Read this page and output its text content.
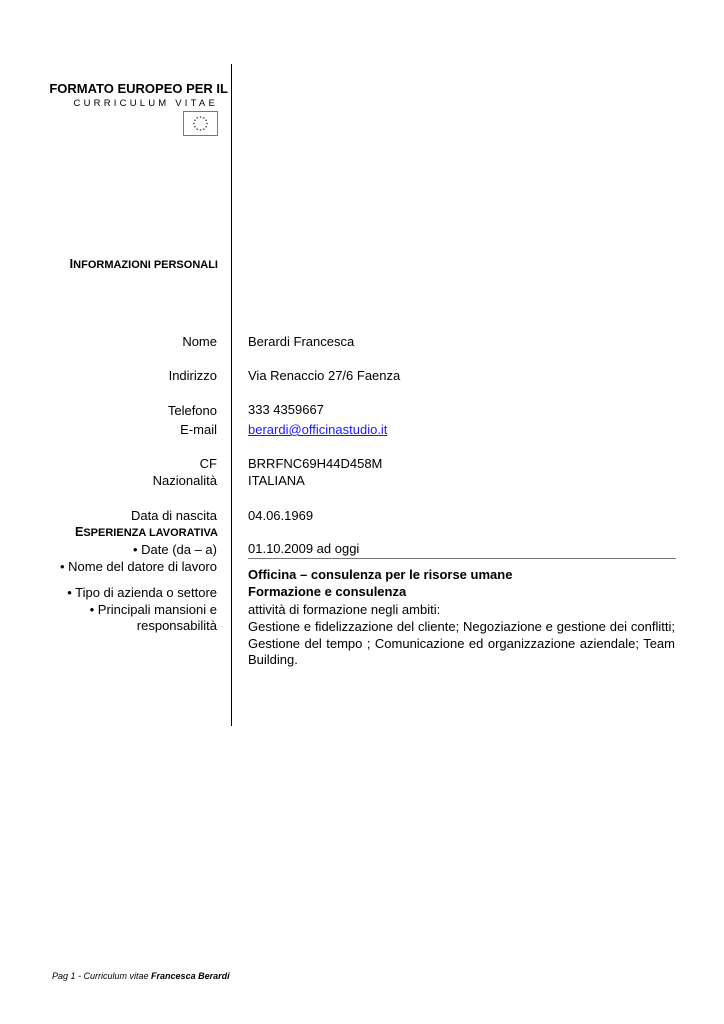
FORMATO EUROPEO PER IL
CURRICULUM VITAE
INFORMAZIONI PERSONALI
Nome Berardi Francesca
Indirizzo Via Renaccio 27/6 Faenza
Telefono 333 4359667
E-mail berardi@officinastudio.it
CF BRRFNC69H44D458M
Nazionalità ITALIANA
Data di nascita 04.06.1969
ESPERIENZA LAVORATIVA
• Date (da – a) 01.10.2009 ad oggi
• Nome del datore di lavoro
Officina – consulenza per le risorse umane
• Tipo di azienda o settore Formazione e consulenza
• Principali mansioni e
responsabilità
attività di formazione negli ambiti:
Gestione e fidelizzazione del cliente; Negoziazione e gestione dei conflitti; Gestione del tempo ; Comunicazione ed organizzazione aziendale; Team Building.
Pag 1 - Curriculum vitae Francesca Berardi
